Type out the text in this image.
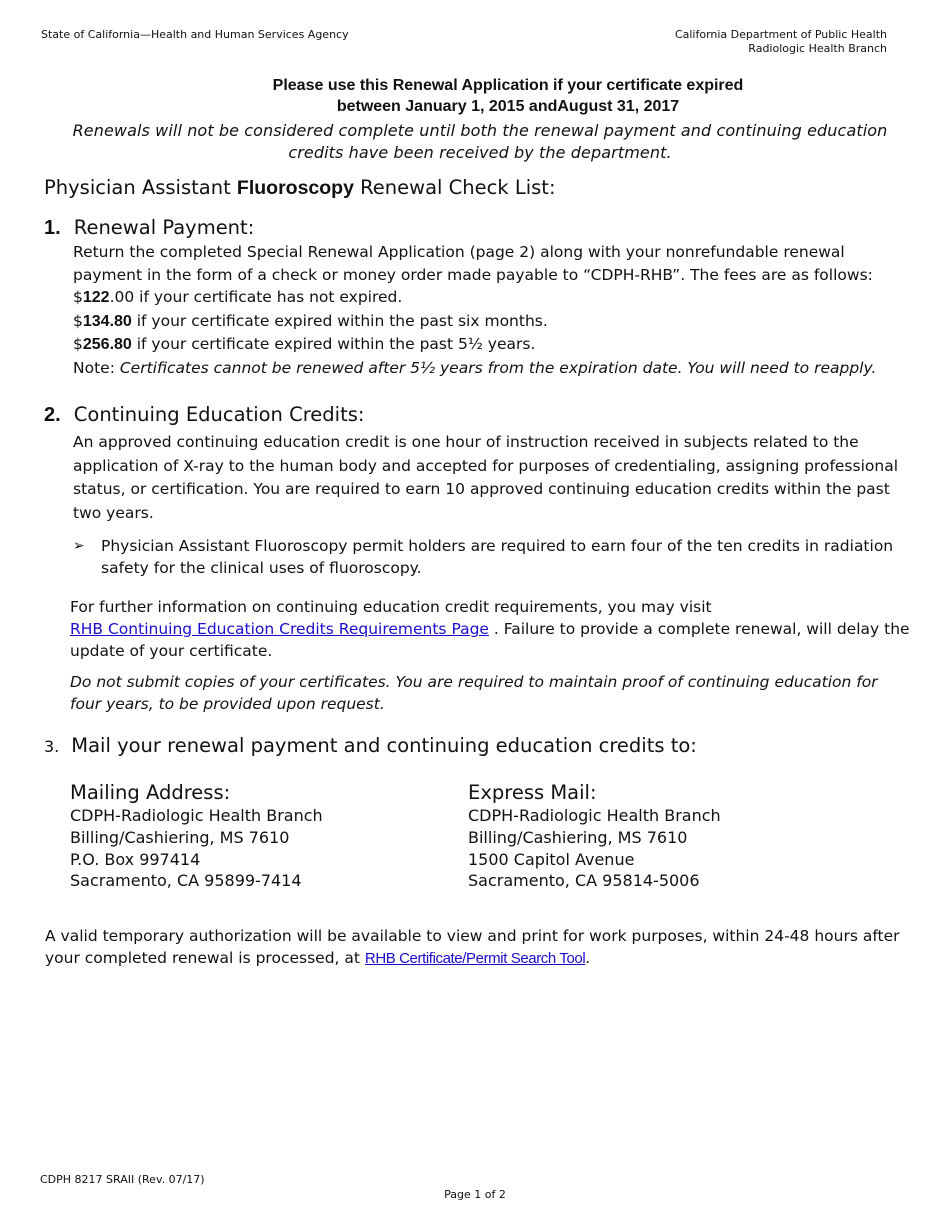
State of California—Health and Human Services Agency	California Department of Public Health
Radiologic Health Branch
Please use this Renewal Application if your certificate expired
between January 1, 2015 andAugust 31, 2017
Renewals will not be considered complete until both the renewal payment and continuing education credits have been received by the department.
Physician Assistant Fluoroscopy Renewal Check List:
1. Renewal Payment:
Return the completed Special Renewal Application (page 2) along with your nonrefundable renewal payment in the form of a check or money order made payable to “CDPH-RHB”. The fees are as follows:
$122.00 if your certificate has not expired.
$134.80 if your certificate expired within the past six months.
$256.80 if your certificate expired within the past 5½ years.
Note: Certificates cannot be renewed after 5½ years from the expiration date. You will need to reapply.
2. Continuing Education Credits:
An approved continuing education credit is one hour of instruction received in subjects related to the application of X-ray to the human body and accepted for purposes of credentialing, assigning professional status, or certification. You are required to earn 10 approved continuing education credits within the past two years.
➢ Physician Assistant Fluoroscopy permit holders are required to earn four of the ten credits in radiation safety for the clinical uses of fluoroscopy.
For further information on continuing education credit requirements, you may visit
RHB Continuing Education Credits Requirements Page . Failure to provide a complete renewal, will delay the update of your certificate.
Do not submit copies of your certificates. You are required to maintain proof of continuing education for four years, to be provided upon request.
3. Mail your renewal payment and continuing education credits to:
Mailing Address:
CDPH-Radiologic Health Branch
Billing/Cashiering, MS 7610
P.O. Box 997414
Sacramento, CA 95899-7414
Express Mail:
CDPH-Radiologic Health Branch
Billing/Cashiering, MS 7610
1500 Capitol Avenue
Sacramento, CA 95814-5006
A valid temporary authorization will be available to view and print for work purposes, within 24-48 hours after your completed renewal is processed, at RHB Certificate/Permit Search Tool.
CDPH 8217 SRAII (Rev. 07/17)
Page 1 of 2
